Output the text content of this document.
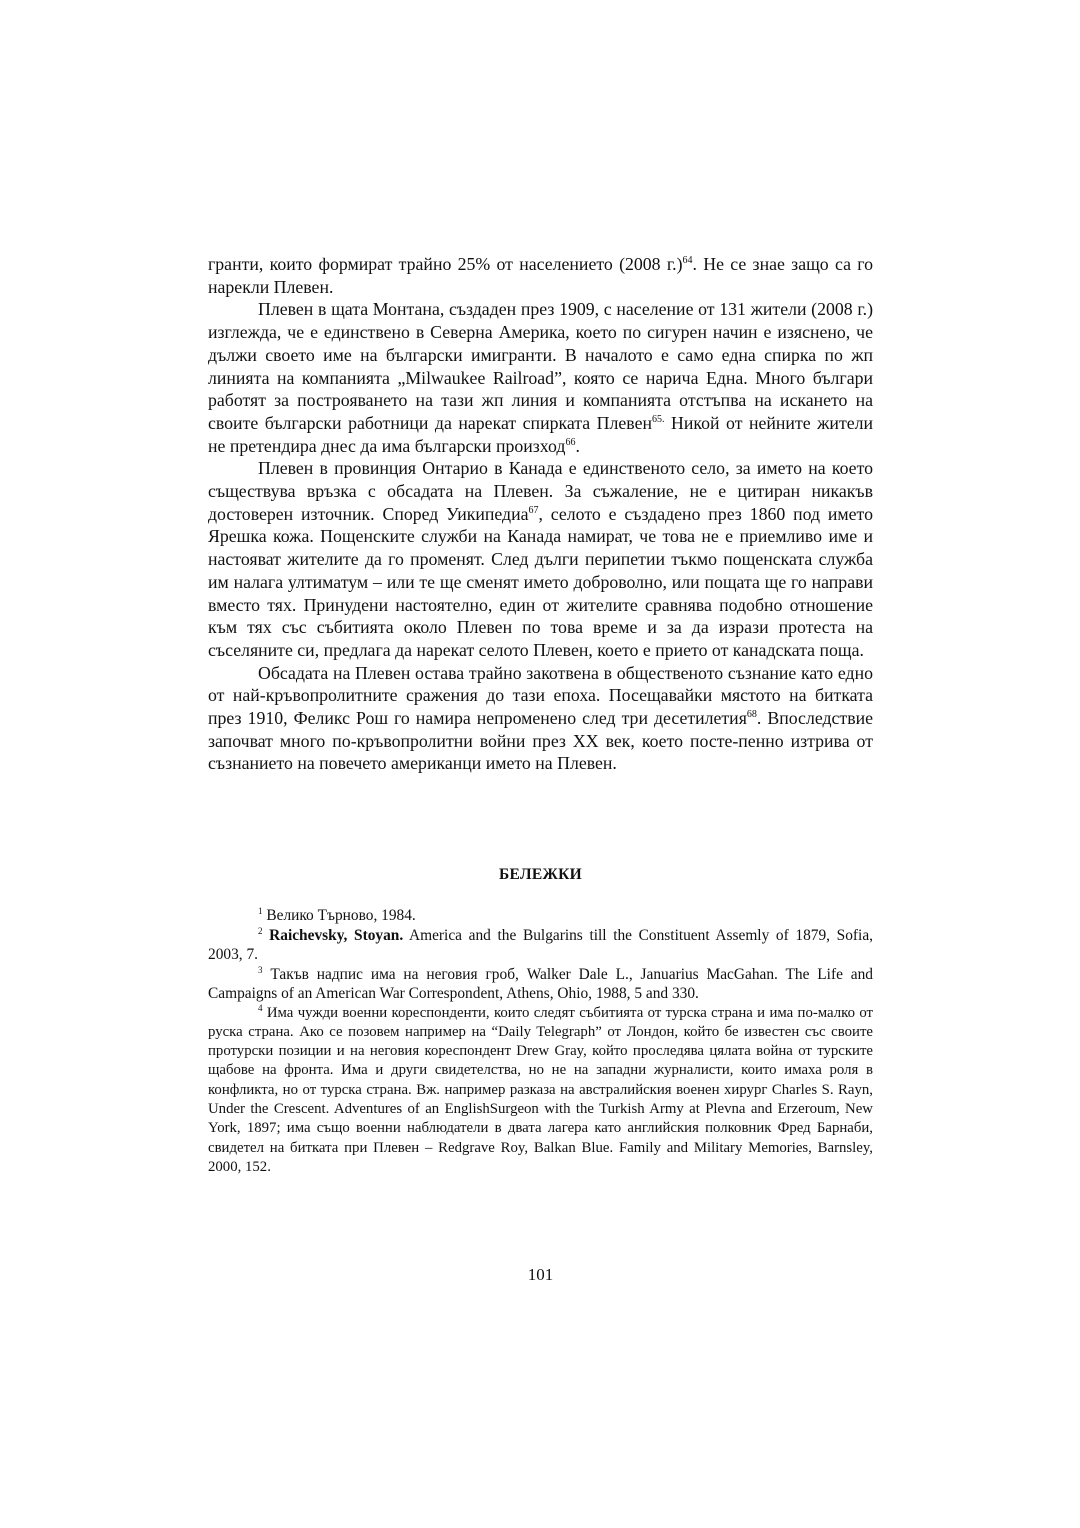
гранти, които формират трайно 25% от населението (2008 г.)$^{64}$. Не се знае защо са го нарекли Плевен.

Плевен в щата Монтана, създаден през 1909, с население от 131 жители (2008 г.) изглежда, че е единствено в Северна Америка, което по сигурен начин е изяснено, че дължи своето име на български имигранти. В началото е само една спирка по жп линията на компанията „Milwaukee Railroad”, която се нарича Една. Много българи работят за построяването на тази жп линия и компанията отстъпва на искането на своите български работници да нарекат спирката Плевен$^{65.}$ Никой от нейните жители не претендира днес да има български произход$^{66}$.

Плевен в провинция Онтарио в Канада е единственото село, за името на което съществува връзка с обсадата на Плевен. За съжаление, не е цитиран никакъв достоверен източник. Според Уикипедиа$^{67}$, селото е създадено през 1860 под името Ярешка кожа. Пощенските служби на Канада намират, че това не е приемливо име и настояват жителите да го променят. След дълги перипетии тъкмо пощенската служба им налага ултиматум – или те ще сменят името доброволно, или пощата ще го направи вместо тях. Принудени настоятелно, един от жителите сравнява подобно отношение към тях със събитията около Плевен по това време и за да изрази протеста на съселяните си, предлага да нарекат селото Плевен, което е прието от канадската поща.

Обсадата на Плевен остава трайно закотвена в общественото съзнание като едно от най-кръвопролитните сражения до тази епоха. Посещавайки мястото на битката през 1910, Феликс Рош го намира непроменено след три десетилетия$^{68}$. Впоследствие започват много по-кръвопролитни войни през XX век, което посте-пенно изтрива от съзнанието на повечето американци името на Плевен.

БЕЛЕЖКИ

$^1$ Велико Търново, 1984.

$^2$ Raichevsky, Stoyan. America and the Bulgarins till the Constituent Assemly of 1879, Sofia, 2003, 7.

$^3$ Такъв надпис има на неговия гроб, Walker Dale L., Januarius MacGahan. The Life and Campaigns of an American War Correspondent, Athens, Ohio, 1988, 5 and 330.

$^4$ Има чужди военни кореспонденти, които следят събитията от турска страна и има по-малко от руска страна. Ако се позовем например на “Daily Telegraph” от Лондон, който бе известен със своите протурски позиции и на неговия кореспондент Drew Gray, който проследява цялата война от турските щабове на фронта. Има и други свидетелства, но не на западни журналисти, които имаха роля в конфликта, но от турска страна. Вж. например разказа на австралийския военен хирург Charles S. Rayn, Under the Crescent. Adventures of an EnglishSurgeon with the Turkish Army at Plevna and Erzeroum, New York, 1897; има също военни наблюдатели в двата лагера като английския полковник Фред Барнаби, свидетел на битката при Плевен – Redgrave Roy, Balkan Blue. Family and Military Memories, Barnsley, 2000, 152.

101
